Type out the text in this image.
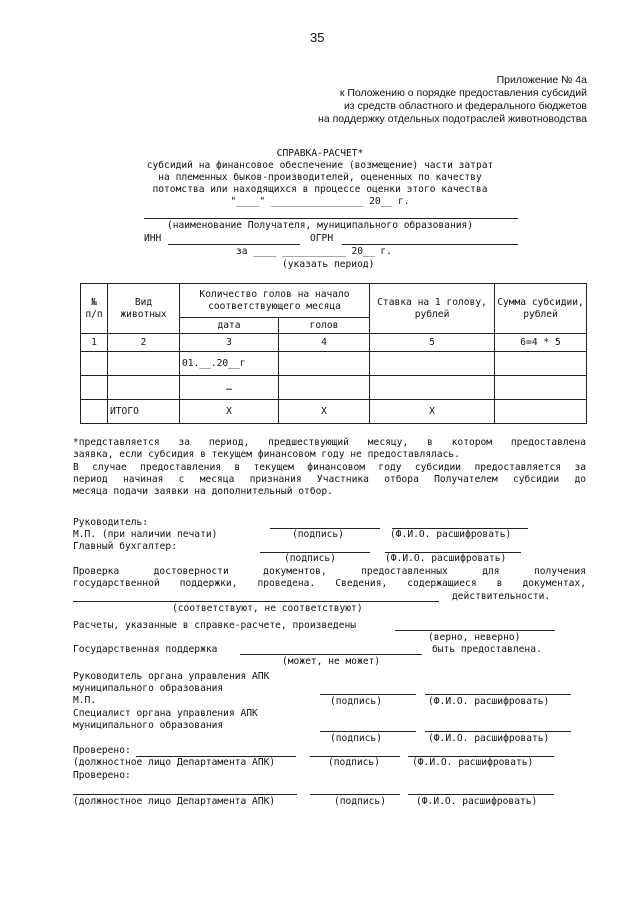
35
Приложение № 4а
к Положению о порядке предоставления субсидий
из средств областного и федерального бюджетов
на поддержку отдельных подотраслей животноводства
СПРАВКА-РАСЧЕТ*
субсидий на финансовое обеспечение (возмещение) части затрат
на племенных быков-производителей, оцененных по качеству
потомства или находящихся в процессе оценки этого качества
"____" ________________ 20__ г.
(наименование Получателя, муниципального образования)
ИНН	ОГРН
за ____ ___________ 20__ г.
(указать период)
№ п/п	Вид животных	Количество голов на начало соответствующего месяца		Ставка на 1 голову, рублей	Сумма субсидии, рублей
		дата	голов		
1	2	3	4	5	6=4 * 5
		01.__.20__г			
		…			
	ИТОГО	Х	Х	Х	
*представляется за период, предшествующий месяцу, в котором предоставлена
заявка, если субсидия в текущем финансовом году не предоставлялась.
В случае предоставления в текущем финансовом году субсидии предоставляется за
период начиная с месяца признания Участника отбора Получателем субсидии до
месяца подачи заявки на дополнительный отбор.
Руководитель:
М.П. (при наличии печати)	(подпись)	(Ф.И.О. расшифровать)
Главный бухгалтер:
(подпись)	(Ф.И.О. расшифровать)
Проверка достоверности документов, предоставленных для получения
государственной поддержки, проведена. Сведения, содержащиеся в документах,
действительности.
(соответствуют, не соответствуют)
Расчеты, указанные в справке-расчете, произведены
(верно, неверно)
Государственная поддержка	быть предоставлена.
(может, не может)
Руководитель органа управления АПК
муниципального образования
М.П.	(подпись)	(Ф.И.О. расшифровать)
Специалист органа управления АПК
муниципального образования
(подпись)	(Ф.И.О. расшифровать)
Проверено:
(должностное лицо Департамента АПК)	(подпись)	(Ф.И.О. расшифровать)
Проверено:
(должностное лицо Департамента АПК)	(подпись)	(Ф.И.О. расшифровать)
